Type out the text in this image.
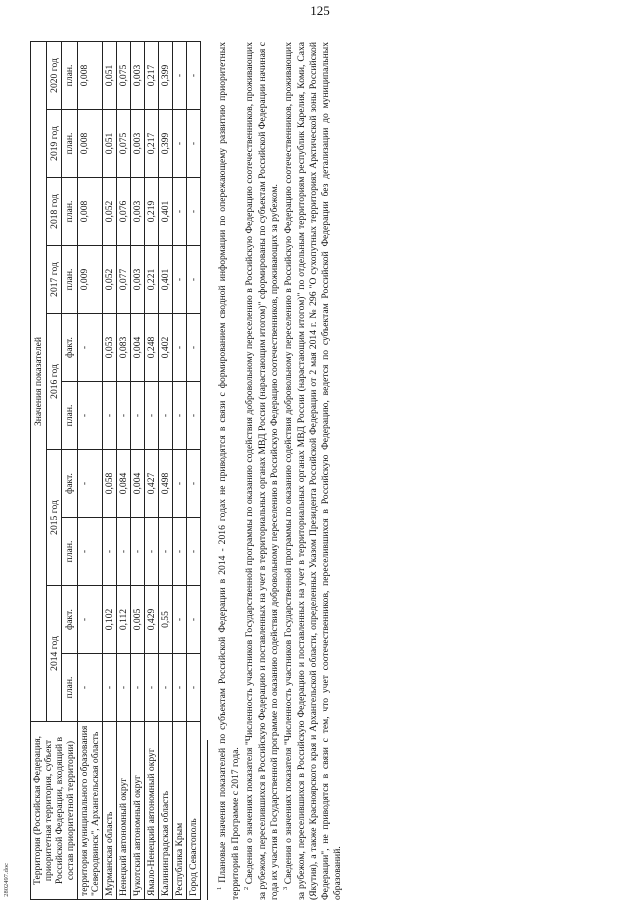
125
2802497.doc Территория (Российская Федерация, приоритетная территория, субъект Российской Федерации, входящий в состав приоритетной территории)	Значения показателей									
	2014 год		2015 год		2016 год		2017 год	2018 год	2019 год	2020 год
	план.	факт.	план.	факт.	план.	факт.	план.	план.	план.	план.
территория муниципального образования "Северодвинск", Архангельская область	-	-	-	-	-	-	0,009	0,008	0,008	0,008
Мурманская область	-	0,102	-	0,058	-	0,053	0,052	0,052	0,051	0,051
Ненецкий автономный округ	-	0,112	-	0,084	-	0,083	0,077	0,076	0,075	0,075
Чукотский автономный округ	-	0,005	-	0,004	-	0,004	0,003	0,003	0,003	0,003
Ямало-Ненецкий автономный округ	-	0,429	-	0,427	-	0,248	0,221	0,219	0,217	0,217
Калининградская область	-	0,55	-	0,498	-	0,402	0,401	0,401	0,399	0,399
Республика Крым	-	-	-	-	-	-	-	-	-	-
Город Севастополь	-	-	-	-	-	-	-	-	-	-

$^1$ Плановые значения показателей по субъектам Российской Федерации в 2014 - 2016 годах не приводятся в связи с формированием сводной информации по опережающему развитию приоритетных территорий в Программе с 2017 года. $^2$ Сведения о значениях показателя "Численность участников Государственной программы по оказанию содействия добровольному переселению в Российскую Федерацию соотечественников, проживающих за рубежом, переселившихся в Российскую Федерацию и поставленных на учет в территориальных органах МВД России (нарастающим итогом)" сформированы по субъектам Российской Федерации начиная с года их участия в Государственной программе по оказанию содействия добровольному переселению в Российскую Федерацию соотечественников, проживающих за рубежом. $^3$ Сведения о значениях показателя "Численность участников Государственной программы по оказанию содействия добровольному переселению в Российскую Федерацию соотечественников, проживающих за рубежом, переселившихся в Российскую Федерацию и поставленных на учет в территориальных органах МВД России (нарастающим итогом)" по отдельным территориям республик Карелия, Коми, Саха (Якутия), а также Красноярского края и Архангельской области, определенных Указом Президента Российской Федерации от 2 мая 2014 г. № 296 "О сухопутных территориях Арктической зоны Российской Федерации", не приводятся в связи с тем, что учет соотечественников, переселившихся в Российскую Федерацию, ведется по субъектам Российской Федерации без детализации до муниципальных образований.
